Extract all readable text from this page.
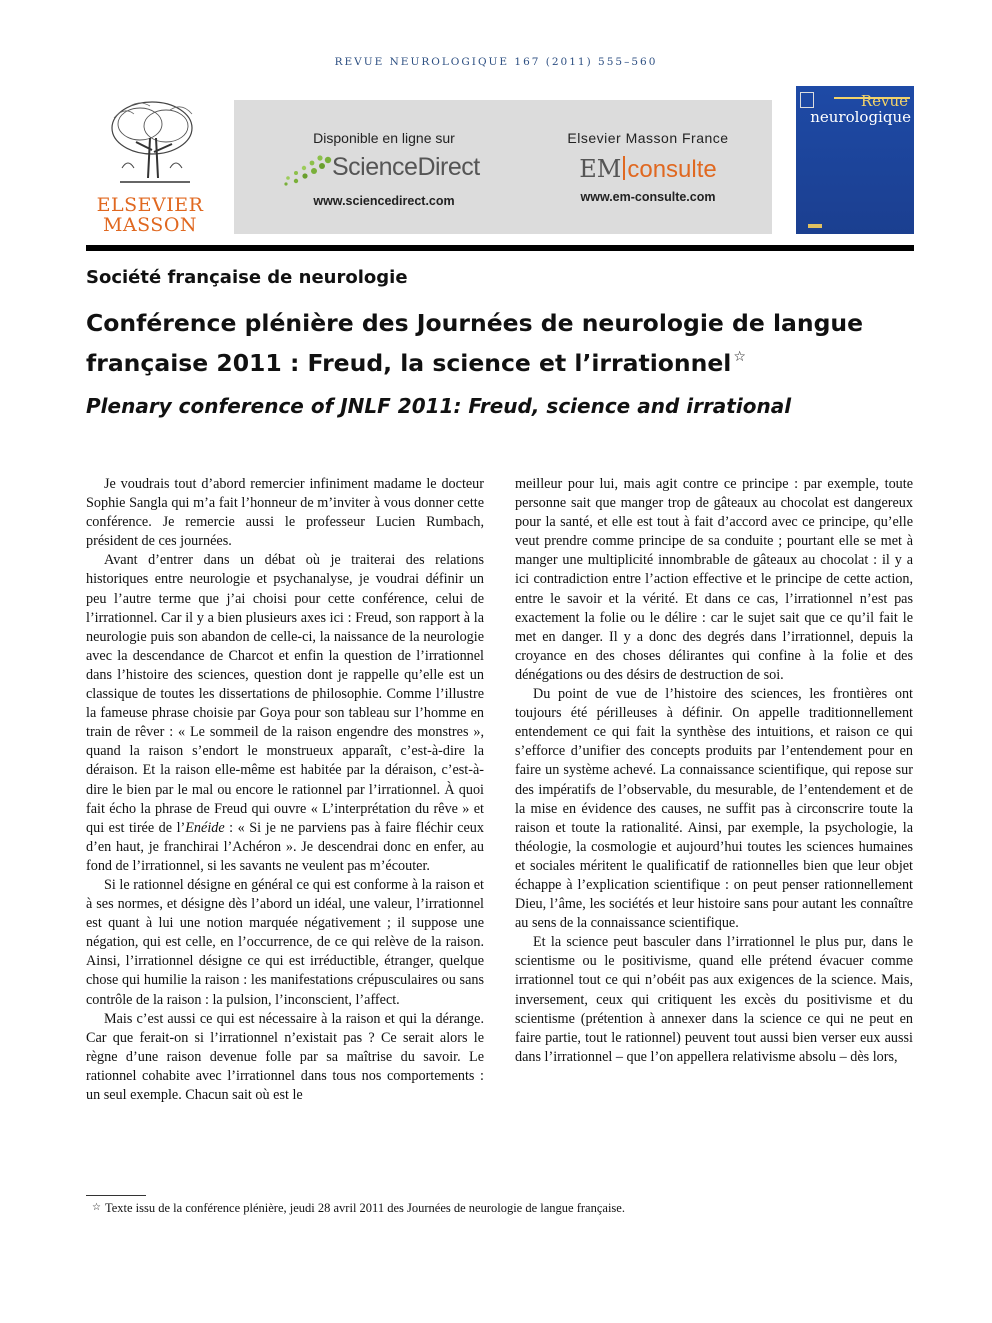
REVUE NEUROLOGIQUE 167 (2011) 555–560
ELSEVIER
MASSON
Disponible en ligne sur
ScienceDirect
www.sciencedirect.com
Elsevier Masson France
EM consulte
www.em-consulte.com
Revue
neurologique
Société française de neurologie
Conférence plénière des Journées de neurologie de langue française 2011 : Freud, la science et l’irrationnel ☆
Plenary conference of JNLF 2011: Freud, science and irrational

Je voudrais tout d’abord remercier infiniment madame le docteur Sophie Sangla qui m’a fait l’honneur de m’inviter à vous donner cette conférence. Je remercie aussi le professeur Lucien Rumbach, président de ces journées.

Avant d’entrer dans un débat où je traiterai des relations historiques entre neurologie et psychanalyse, je voudrai définir un peu l’autre terme que j’ai choisi pour cette conférence, celui de l’irrationnel. Car il y a bien plusieurs axes ici : Freud, son rapport à la neurologie puis son abandon de celle-ci, la naissance de la neurologie avec la descendance de Charcot et enfin la question de l’irrationnel dans l’histoire des sciences, question dont je rappelle qu’elle est un classique de toutes les dissertations de philosophie. Comme l’illustre la fameuse phrase choisie par Goya pour son tableau sur l’homme en train de rêver : « Le sommeil de la raison engendre des monstres », quand la raison s’endort le monstrueux apparaît, c’est-à-dire la déraison. Et la raison elle-même est habitée par la déraison, c’est-à-dire le bien par le mal ou encore le rationnel par l’irrationnel. À quoi fait écho la phrase de Freud qui ouvre « L’interprétation du rêve » et qui est tirée de l’Enéide : « Si je ne parviens pas à faire fléchir ceux d’en haut, je franchirai l’Achéron ». Je descendrai donc en enfer, au fond de l’irrationnel, si les savants ne veulent pas m’écouter.

Si le rationnel désigne en général ce qui est conforme à la raison et à ses normes, et désigne dès l’abord un idéal, une valeur, l’irrationnel est quant à lui une notion marquée négativement ; il suppose une négation, qui est celle, en l’occurrence, de ce qui relève de la raison. Ainsi, l’irrationnel désigne ce qui est irréductible, étranger, quelque chose qui humilie la raison : les manifestations crépusculaires ou sans contrôle de la raison : la pulsion, l’inconscient, l’affect.

Mais c’est aussi ce qui est nécessaire à la raison et qui la dérange. Car que ferait-on si l’irrationnel n’existait pas ? Ce serait alors le règne d’une raison devenue folle par sa maîtrise du savoir. Le rationnel cohabite avec l’irrationnel dans tous nos comportements : un seul exemple. Chacun sait où est le

meilleur pour lui, mais agit contre ce principe : par exemple, toute personne sait que manger trop de gâteaux au chocolat est dangereux pour la santé, et elle est tout à fait d’accord avec ce principe, qu’elle veut prendre comme principe de sa conduite ; pourtant elle se met à manger une multiplicité innombrable de gâteaux au chocolat : il y a ici contradiction entre l’action effective et le principe de cette action, entre le savoir et la vérité. Et dans ce cas, l’irrationnel n’est pas exactement la folie ou le délire : car le sujet sait que ce qu’il fait le met en danger. Il y a donc des degrés dans l’irrationnel, depuis la croyance en des choses délirantes qui confine à la folie et des dénégations ou des désirs de destruction de soi.

Du point de vue de l’histoire des sciences, les frontières ont toujours été périlleuses à définir. On appelle traditionnellement entendement ce qui fait la synthèse des intuitions, et raison ce qui s’efforce d’unifier des concepts produits par l’entendement pour en faire un système achevé. La connaissance scientifique, qui repose sur des impératifs de l’observable, du mesurable, de l’entendement et de la mise en évidence des causes, ne suffit pas à circonscrire toute la raison et toute la rationalité. Ainsi, par exemple, la psychologie, la théologie, la cosmologie et aujourd’hui toutes les sciences humaines et sociales méritent le qualificatif de rationnelles bien que leur objet échappe à l’explication scientifique : on peut penser rationnellement Dieu, l’âme, les sociétés et leur histoire sans pour autant les connaître au sens de la connaissance scientifique.

Et la science peut basculer dans l’irrationnel le plus pur, dans le scientisme ou le positivisme, quand elle prétend évacuer comme irrationnel tout ce qui n’obéit pas aux exigences de la science. Mais, inversement, ceux qui critiquent les excès du positivisme et du scientisme (prétention à annexer dans la science ce qui ne peut en faire partie, tout le rationnel) peuvent tout aussi bien verser eux aussi dans l’irrationnel – que l’on appellera relativisme absolu – dès lors,

☆ Texte issu de la conférence plénière, jeudi 28 avril 2011 des Journées de neurologie de langue française.
